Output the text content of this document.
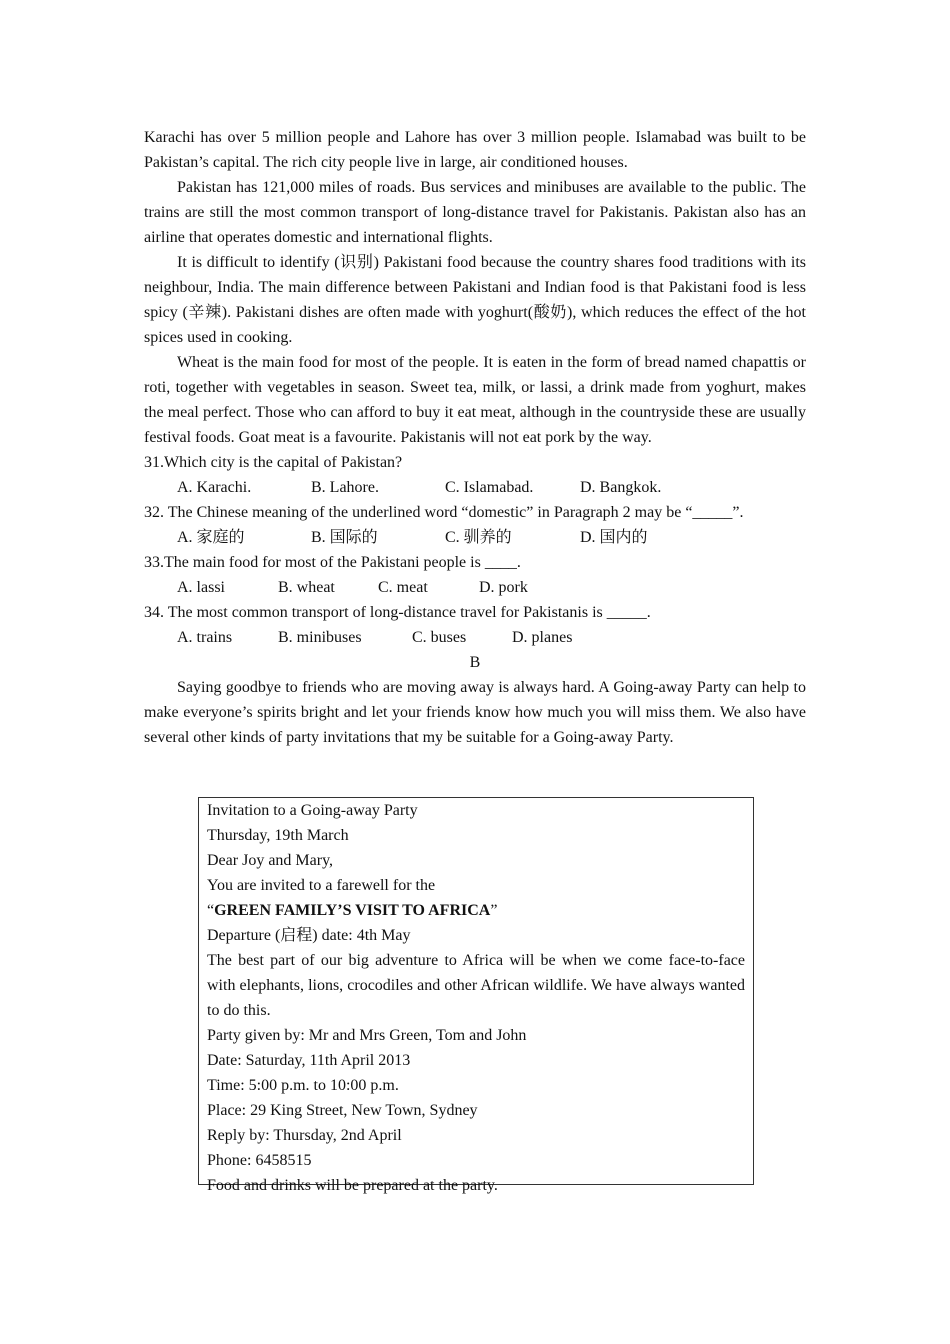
Karachi has over 5 million people and Lahore has over 3 million people. Islamabad was built to be Pakistan’s capital. The rich city people live in large, air conditioned houses.

Pakistan has 121,000 miles of roads. Bus services and minibuses are available to the public. The trains are still the most common transport of long-distance travel for Pakistanis. Pakistan also has an airline that operates domestic and international flights.

It is difficult to identify (识别) Pakistani food because the country shares food traditions with its neighbour, India. The main difference between Pakistani and Indian food is that Pakistani food is less spicy (辛辣). Pakistani dishes are often made with yoghurt(酸奶), which reduces the effect of the hot spices used in cooking.

Wheat is the main food for most of the people. It is eaten in the form of bread named chapattis or roti, together with vegetables in season. Sweet tea, milk, or lassi, a drink made from yoghurt, makes the meal perfect. Those who can afford to buy it eat meat, although in the countryside these are usually festival foods. Goat meat is a favourite. Pakistanis will not eat pork by the way.

31.Which city is the capital of Pakistan?

A. Karachi.	B. Lahore.	C. Islamabad.	D. Bangkok.

32. The Chinese meaning of the underlined word “domestic” in Paragraph 2 may be “_____”.

A. 家庭的	B. 国际的	C. 驯养的	D. 国内的

33.The main food for most of the Pakistani people is ____.

A. lassi	B. wheat	C. meat	D. pork

34. The most common transport of long-distance travel for Pakistanis is _____.

A. trains	B. minibuses	C. buses	D. planes

B

Saying goodbye to friends who are moving away is always hard. A Going-away Party can help to make everyone’s spirits bright and let your friends know how much you will miss them. We also have several other kinds of party invitations that my be suitable for a Going-away Party.

Invitation to a Going-away Party

Thursday, 19th March

Dear Joy and Mary,

You are invited to a farewell for the

“GREEN FAMILY’S VISIT TO AFRICA”

Departure (启程) date: 4th May

The best part of our big adventure to Africa will be when we come face-to-face with elephants, lions, crocodiles and other African wildlife. We have always wanted to do this.

Party given by: Mr and Mrs Green, Tom and John

Date: Saturday, 11th April 2013

Time: 5:00 p.m. to 10:00 p.m.

Place: 29 King Street, New Town, Sydney

Reply by: Thursday, 2nd April

Phone: 6458515

Food and drinks will be prepared at the party.
